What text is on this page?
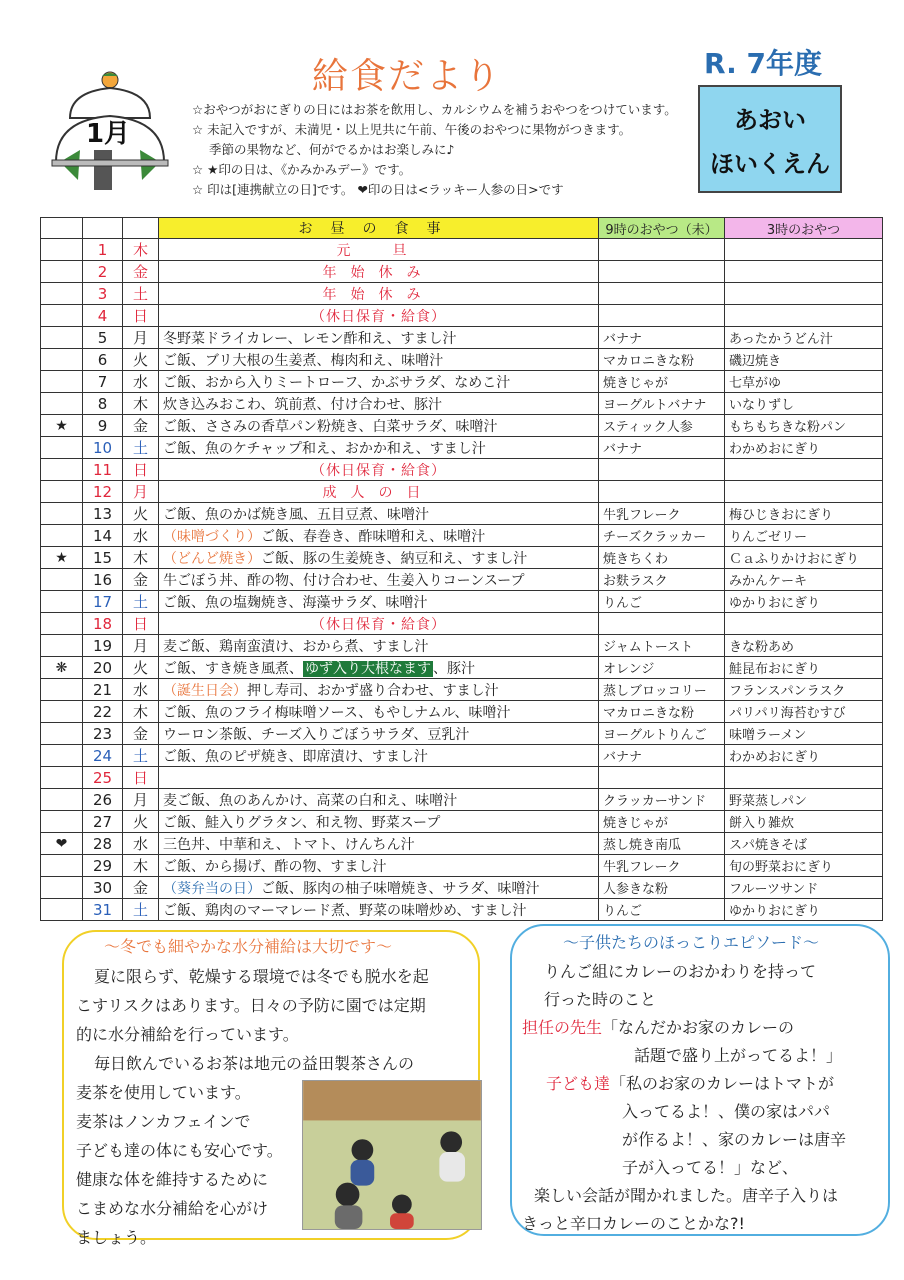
1月
給食だより	R. 7年度
あおい
ほいくえん
☆おやつがおにぎりの日にはお茶を飲用し、カルシウムを補うおやつをつけています。
☆ 未記入ですが、未満児・以上児共に午前、午後のおやつに果物がつきます。
季節の果物など、何がでるかはお楽しみに♪
☆ ★印の日は、《かみかみデー》です。
☆ 印は[連携献立の日]です。 ❤印の日は<ラッキー人参の日>です
			お昼の食事	9時のおやつ（未）	3時のおやつ
	1	木	元　旦		
	2	金	年始休み		
	3	土	年始休み		
	4	日	（休日保育・給食）		
	5	月	冬野菜ドライカレー、レモン酢和え、すまし汁	バナナ	あったかうどん汁
	6	火	ご飯、ブリ大根の生姜煮、梅肉和え、味噌汁	マカロニきな粉	磯辺焼き
	7	水	ご飯、おから入りミートローフ、かぶサラダ、なめこ汁	焼きじゃが	七草がゆ
	8	木	炊き込みおこわ、筑前煮、付け合わせ、豚汁	ヨーグルトバナナ	いなりずし
★	9	金	ご飯、ささみの香草パン粉焼き、白菜サラダ、味噌汁	スティック人参	もちもちきな粉パン
	10	土	ご飯、魚のケチャップ和え、おかか和え、すまし汁	バナナ	わかめおにぎり
	11	日	（休日保育・給食）		
	12	月	成人の日		
	13	火	ご飯、魚のかば焼き風、五目豆煮、味噌汁	牛乳フレーク	梅ひじきおにぎり
	14	水	（味噌づくり）ご飯、春巻き、酢味噌和え、味噌汁	チーズクラッカー	りんごゼリー
★	15	木	（どんど焼き）ご飯、豚の生姜焼き、納豆和え、すまし汁	焼きちくわ	Ｃａふりかけおにぎり
	16	金	牛ごぼう丼、酢の物、付け合わせ、生姜入りコーンスープ	お麩ラスク	みかんケーキ
	17	土	ご飯、魚の塩麹焼き、海藻サラダ、味噌汁	りんご	ゆかりおにぎり
	18	日	（休日保育・給食）		
	19	月	麦ご飯、鶏南蛮漬け、おから煮、すまし汁	ジャムトースト	きな粉あめ
❋	20	火	ご飯、すき焼き風煮、 ゆず入り大根なます 、豚汁	オレンジ	鮭昆布おにぎり
	21	水	（誕生日会）押し寿司、おかず盛り合わせ、すまし汁	蒸しブロッコリー	フランスパンラスク
	22	木	ご飯、魚のフライ梅味噌ソース、もやしナムル、味噌汁	マカロニきな粉	パリパリ海苔むすび
	23	金	ウーロン茶飯、チーズ入りごぼうサラダ、豆乳汁	ヨーグルトりんご	味噌ラーメン
	24	土	ご飯、魚のピザ焼き、即席漬け、すまし汁	バナナ	わかめおにぎり
	25	日			
	26	月	麦ご飯、魚のあんかけ、高菜の白和え、味噌汁	クラッカーサンド	野菜蒸しパン
	27	火	ご飯、鮭入りグラタン、和え物、野菜スープ	焼きじゃが	餅入り雑炊
❤	28	水	三色丼、中華和え、トマト、けんちん汁	蒸し焼き南瓜	スパ焼きそば
	29	木	ご飯、から揚げ、酢の物、すまし汁	牛乳フレーク	旬の野菜おにぎり
	30	金	（葵弁当の日）ご飯、豚肉の柚子味噌焼き、サラダ、味噌汁	人参きな粉	フルーツサンド
	31	土	ご飯、鶏肉のマーマレード煮、野菜の味噌炒め、すまし汁	りんご	ゆかりおにぎり
～冬でも細やかな水分補給は大切です～
夏に限らず、乾燥する環境では冬でも脱水を起
こすリスクはあります。日々の予防に園では定期
的に水分補給を行っています。
毎日飲んでいるお茶は地元の益田製茶さんの
麦茶を使用しています。
麦茶はノンカフェインで
子ども達の体にも安心です。
健康な体を維持するために
こまめな水分補給を心がけ
ましょう。
～子供たちのほっこりエピソード～
りんご組にカレーのおかわりを持って
行った時のこと
担任の先生「なんだかお家のカレーの
話題で盛り上がってるよ！」
子ども達「私のお家のカレーはトマトが
入ってるよ！、僕の家はパパ
が作るよ！、家のカレーは唐辛
子が入ってる！」など、
楽しい会話が聞かれました。唐辛子入りは
きっと辛口カレーのことかな?!
